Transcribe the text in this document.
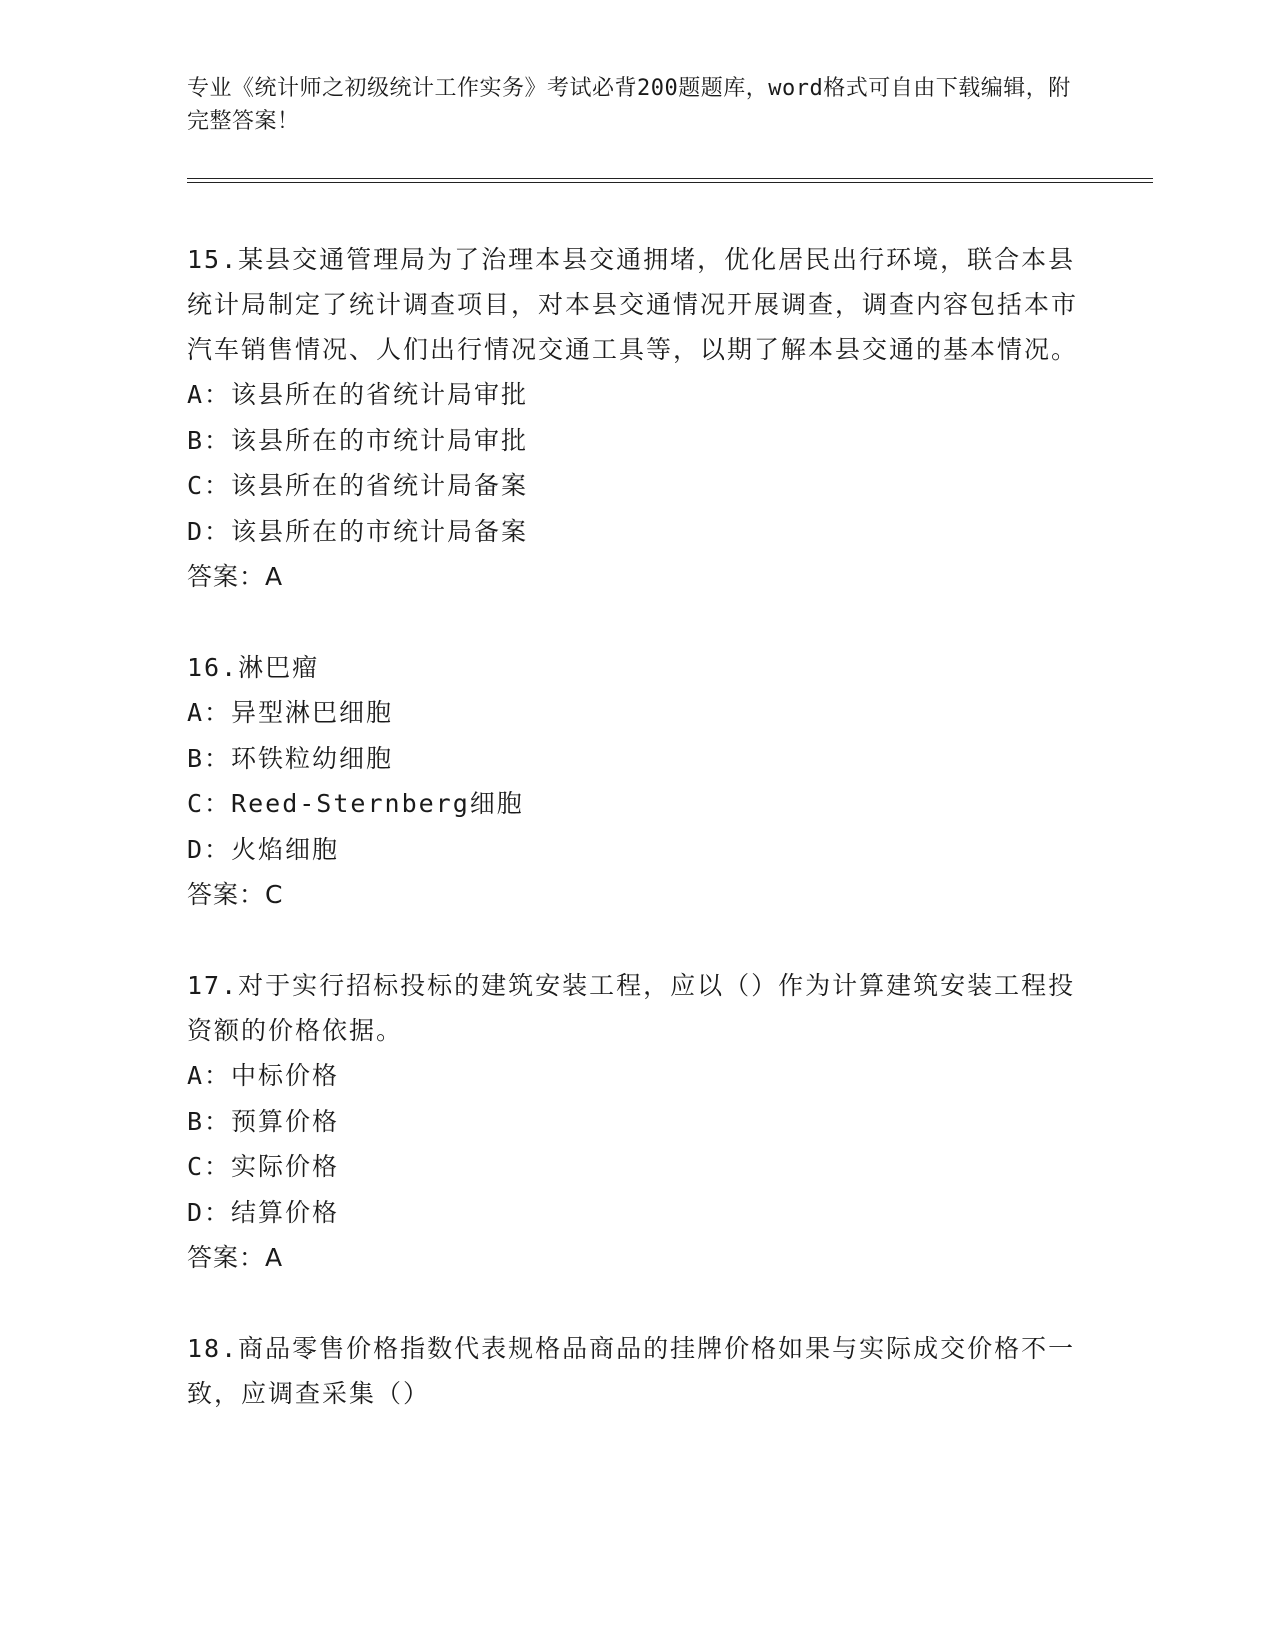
专业《统计师之初级统计工作实务》考试必背200题题库，word格式可自由下载编辑，附完整答案！
15.某县交通管理局为了治理本县交通拥堵，优化居民出行环境，联合本县统计局制定了统计调查项目，对本县交通情况开展调查，调查内容包括本市汽车销售情况、人们出行情况交通工具等，以期了解本县交通的基本情况。
A：该县所在的省统计局审批
B：该县所在的市统计局审批
C：该县所在的省统计局备案
D：该县所在的市统计局备案
答案：A
16.淋巴瘤
A：异型淋巴细胞
B：环铁粒幼细胞
C：Reed-Sternberg细胞
D：火焰细胞
答案：C
17.对于实行招标投标的建筑安装工程，应以（）作为计算建筑安装工程投资额的价格依据。
A：中标价格
B：预算价格
C：实际价格
D：结算价格
答案：A
18.商品零售价格指数代表规格品商品的挂牌价格如果与实际成交价格不一致，应调查采集（）
